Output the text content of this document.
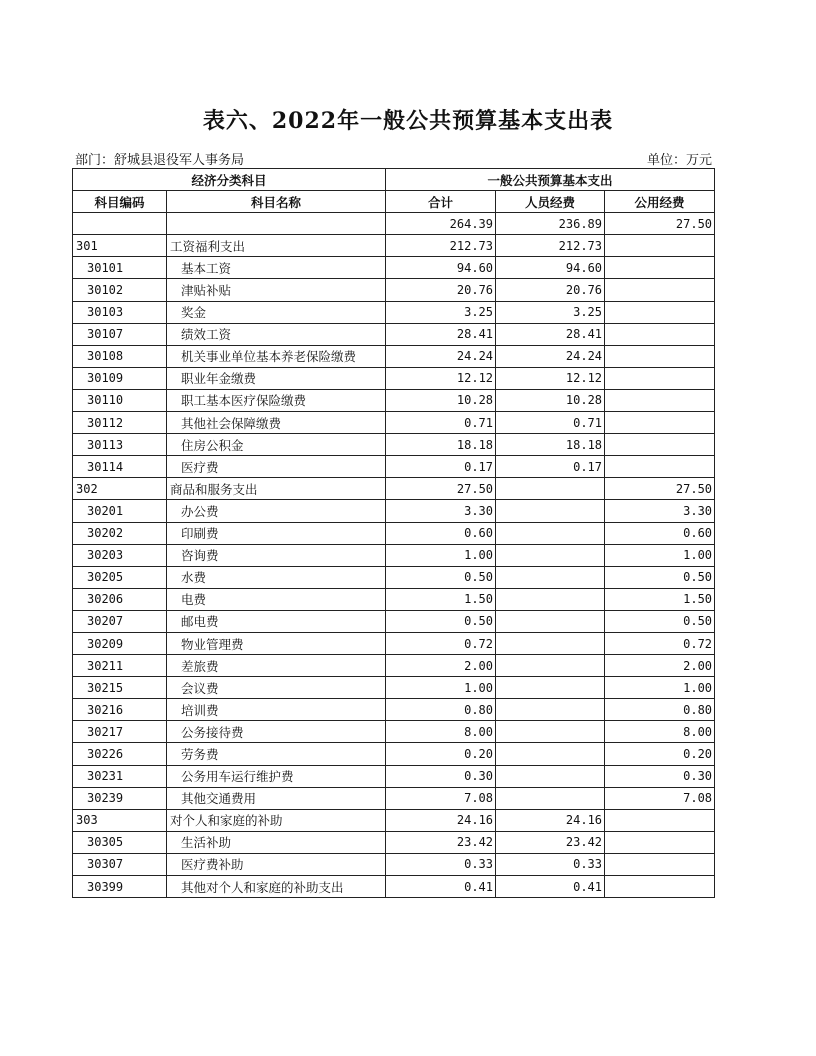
表六、2022年一般公共预算基本支出表
部门：舒城县退役军人事务局	单位：万元
经济分类科目		一般公共预算基本支出		
科目编码	科目名称	合计	人员经费	公用经费
		264.39	236.89	27.50
301	工资福利支出	212.73	212.73	
30101	基本工资	94.60	94.60	
30102	津贴补贴	20.76	20.76	
30103	奖金	3.25	3.25	
30107	绩效工资	28.41	28.41	
30108	机关事业单位基本养老保险缴费	24.24	24.24	
30109	职业年金缴费	12.12	12.12	
30110	职工基本医疗保险缴费	10.28	10.28	
30112	其他社会保障缴费	0.71	0.71	
30113	住房公积金	18.18	18.18	
30114	医疗费	0.17	0.17	
302	商品和服务支出	27.50		27.50
30201	办公费	3.30		3.30
30202	印刷费	0.60		0.60
30203	咨询费	1.00		1.00
30205	水费	0.50		0.50
30206	电费	1.50		1.50
30207	邮电费	0.50		0.50
30209	物业管理费	0.72		0.72
30211	差旅费	2.00		2.00
30215	会议费	1.00		1.00
30216	培训费	0.80		0.80
30217	公务接待费	8.00		8.00
30226	劳务费	0.20		0.20
30231	公务用车运行维护费	0.30		0.30
30239	其他交通费用	7.08		7.08
303	对个人和家庭的补助	24.16	24.16	
30305	生活补助	23.42	23.42	
30307	医疗费补助	0.33	0.33	
30399	其他对个人和家庭的补助支出	0.41	0.41	
